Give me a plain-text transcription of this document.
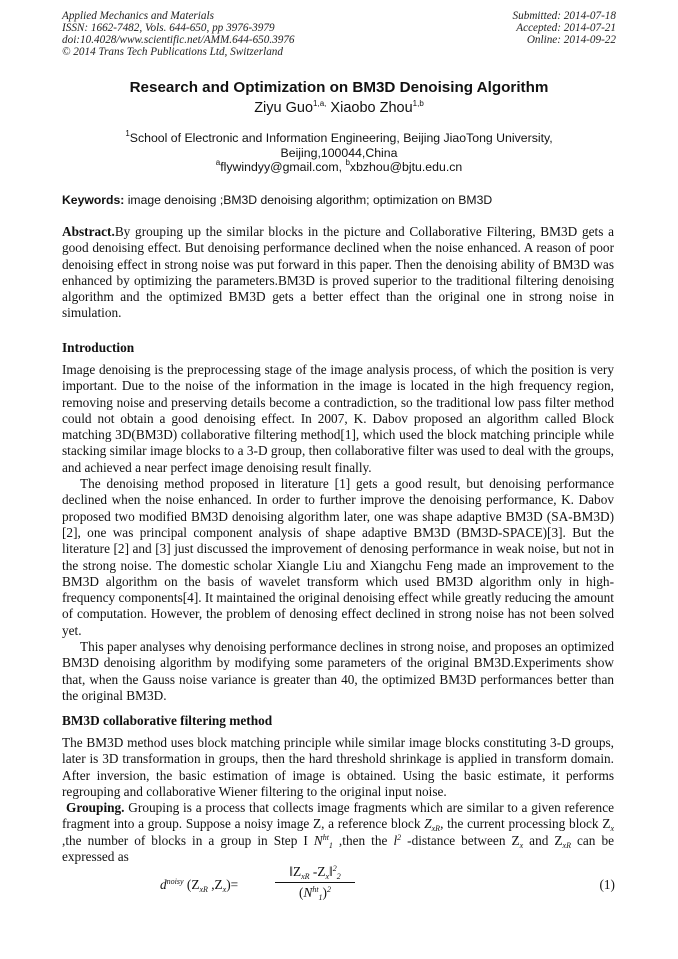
Applied Mechanics and Materials
ISSN: 1662-7482, Vols. 644-650, pp 3976-3979
doi:10.4028/www.scientific.net/AMM.644-650.3976
© 2014 Trans Tech Publications Ltd, Switzerland
Submitted: 2014-07-18
Accepted: 2014-07-21
Online: 2014-09-22
Research and Optimization on BM3D Denoising Algorithm
Ziyu Guo$^{1,a,}$ Xiaobo Zhou$^{1,b}$
$^1$School of Electronic and Information Engineering, Beijing JiaoTong University,
Beijing,100044,China
$^a$flywindyy@gmail.com, $^b$xbzhou@bjtu.edu.cn
Keywords: image denoising ;BM3D denoising algorithm; optimization on BM3D

Abstract.By grouping up the similar blocks in the picture and Collaborative Filtering, BM3D gets a good denoising effect. But denoising performance declined when the noise enhanced. A reason of poor denoising effect in strong noise was put forward in this paper. Then the denoising ability of BM3D was enhanced by optimizing the parameters.BM3D is proved superior to the traditional filtering denoising algorithm and the optimized BM3D gets a better effect than the original one in strong noise in simulation.

Introduction

Image denoising is the preprocessing stage of the image analysis process, of which the position is very important. Due to the noise of the information in the image is located in the high frequency region, removing noise and preserving details become a contradiction, so the traditional low pass filter method could not obtain a good denoising effect. In 2007, K. Dabov proposed an algorithm called Block matching 3D(BM3D) collaborative filtering method[1], which used the block matching principle while stacking similar image blocks to a 3-D group, then collaborative filter was used to deal with the groups, and achieved a near perfect image denoising result finally.

The denoising method proposed in literature [1] gets a good result, but denoising performance declined when the noise enhanced. In order to further improve the denoising performance, K. Dabov proposed two modified BM3D denoising algorithm later, one was shape adaptive BM3D (SA-BM3D)[2], one was principal component analysis of shape adaptive BM3D (BM3D-SPACE)[3]. But the literature [2] and [3] just discussed the improvement of denosing performance in weak noise, but not in the strong noise. The domestic scholar Xiangle Liu and Xiangchu Feng made an improvement to the BM3D algorithm on the basis of wavelet transform which used BM3D algorithm only in high-frequency components[4]. It maintained the original denoising effect while greatly reducing the amount of computation. However, the problem of denosing effect declined in strong noise has not been solved yet.

This paper analyses why denoising performance declines in strong noise, and proposes an optimized BM3D denoising algorithm by modifying some parameters of the original BM3D.Experiments show that, when the Gauss noise variance is greater than 40, the optimized BM3D performances better than the original BM3D.

BM3D collaborative filtering method

The BM3D method uses block matching principle while similar image blocks constituting 3-D groups, later is 3D transformation in groups, then the hard threshold shrinkage is applied in transform domain. After inversion, the basic estimation of image is obtained. Using the basic estimate, it performs regrouping and collaborative Wiener filtering to the original input noise.

Grouping. Grouping is a process that collects image fragments which are similar to a given reference fragment into a group. Suppose a noisy image Z, a reference block $Z_{xR}$, the current processing block $Z_x$ ,the number of blocks in a group in Step I $N^{ht}_1$ ,then the $l^2$ -distance between $Z_x$ and $Z_{xR}$ can be expressed as

$d^{noisy}$ ($Z_{xR}$ $,Z_x)=$
$‖Z_{xR}$ $-Z_x‖^2_2$
$(N^{ht}_1)^2$	(1)
